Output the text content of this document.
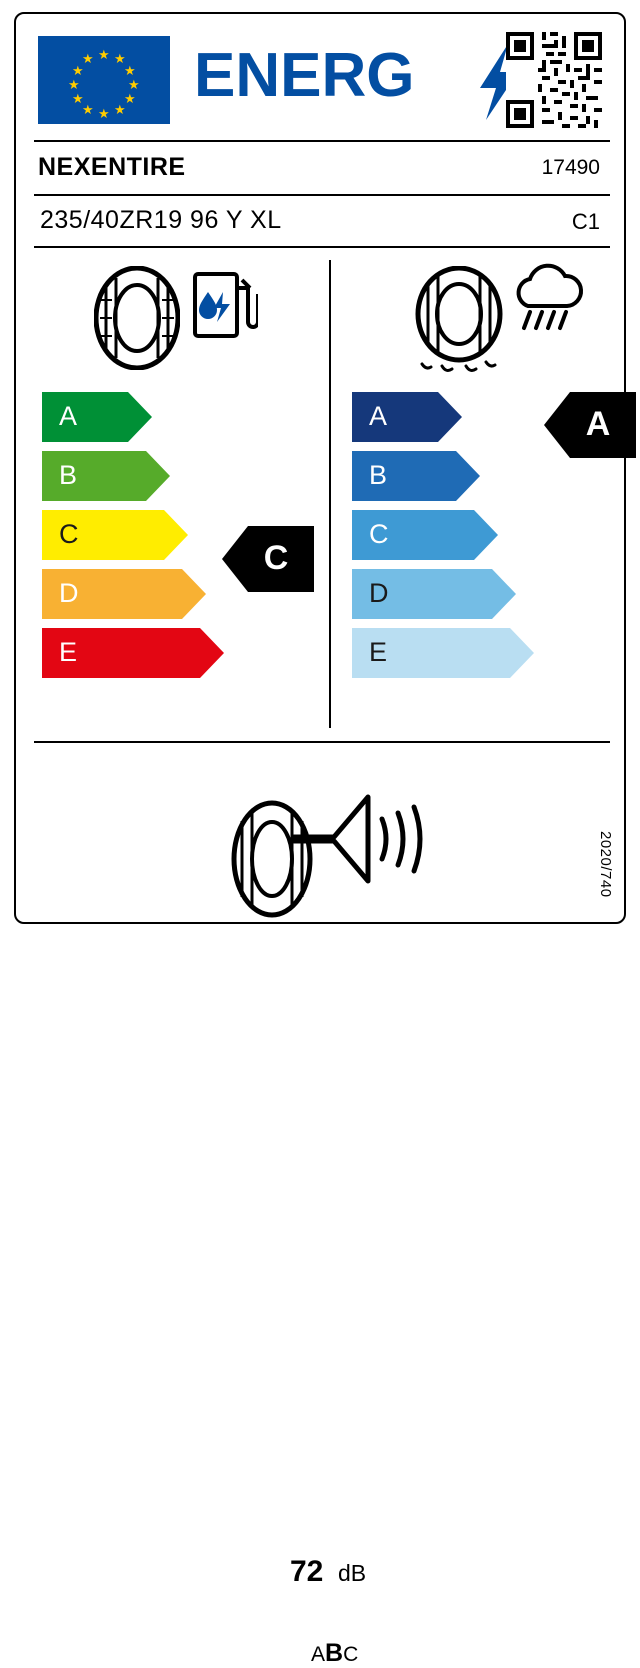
★ ★
★
★
★
★
★
★
★
★
★
★ ENERG
NEXENTIRE	17490
235/40ZR19 96 Y XL	C1
A
B
C
D
E
C
A
B
C
D
E
A
72 dB
ABC
2020/740
